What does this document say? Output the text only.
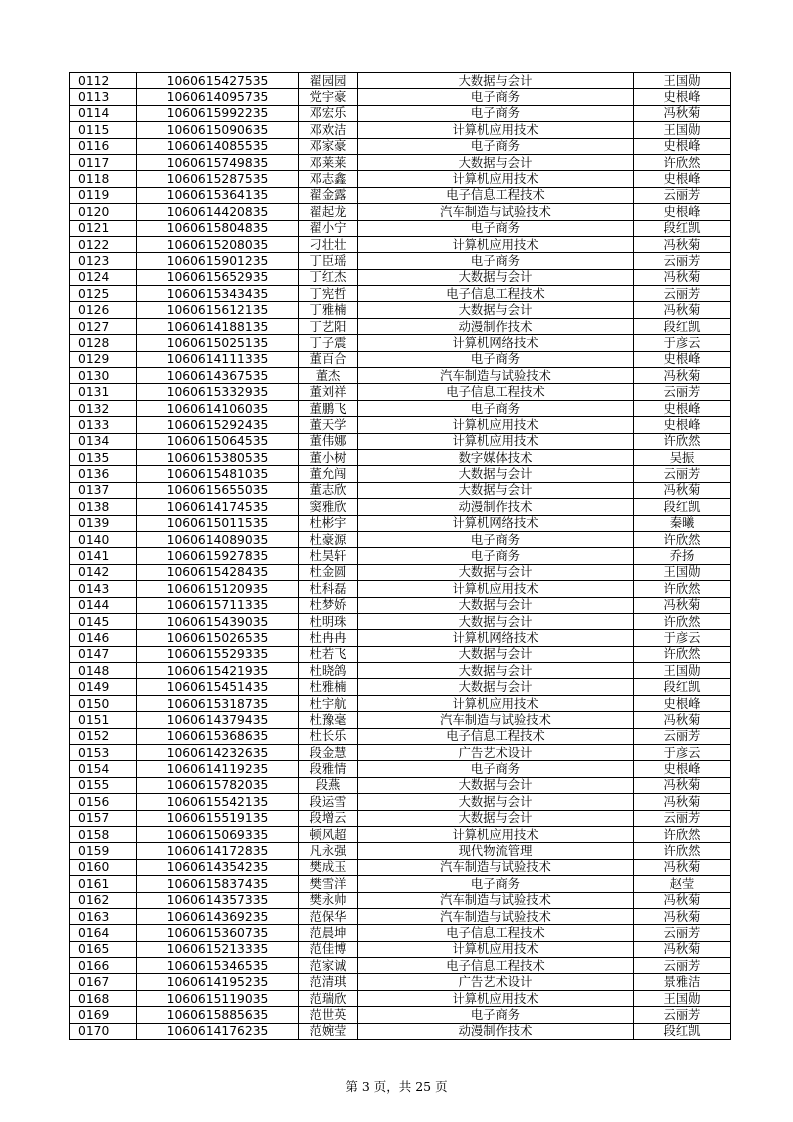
0112	1060615427535	翟园园	大数据与会计	王国勋
0113	1060614095735	党宇豪	电子商务	史根峰
0114	1060615992235	邓宏乐	电子商务	冯秋菊
0115	1060615090635	邓欢洁	计算机应用技术	王国勋
0116	1060614085535	邓家豪	电子商务	史根峰
0117	1060615749835	邓莱莱	大数据与会计	许欣然
0118	1060615287535	邓志鑫	计算机应用技术	史根峰
0119	1060615364135	翟金露	电子信息工程技术	云丽芳
0120	1060614420835	翟起龙	汽车制造与试验技术	史根峰
0121	1060615804835	翟小宁	电子商务	段红凯
0122	1060615208035	刁壮壮	计算机应用技术	冯秋菊
0123	1060615901235	丁臣瑶	电子商务	云丽芳
0124	1060615652935	丁红杰	大数据与会计	冯秋菊
0125	1060615343435	丁宪哲	电子信息工程技术	云丽芳
0126	1060615612135	丁雅楠	大数据与会计	冯秋菊
0127	1060614188135	丁艺阳	动漫制作技术	段红凯
0128	1060615025135	丁子震	计算机网络技术	于彦云
0129	1060614111335	董百合	电子商务	史根峰
0130	1060614367535	董杰	汽车制造与试验技术	冯秋菊
0131	1060615332935	董刘祥	电子信息工程技术	云丽芳
0132	1060614106035	董鹏飞	电子商务	史根峰
0133	1060615292435	董天学	计算机应用技术	史根峰
0134	1060615064535	董伟娜	计算机应用技术	许欣然
0135	1060615380535	董小树	数字媒体技术	吴振
0136	1060615481035	董允闯	大数据与会计	云丽芳
0137	1060615655035	董志欣	大数据与会计	冯秋菊
0138	1060614174535	窦雅欣	动漫制作技术	段红凯
0139	1060615011535	杜彬宇	计算机网络技术	秦曦
0140	1060614089035	杜豪源	电子商务	许欣然
0141	1060615927835	杜昊轩	电子商务	乔扬
0142	1060615428435	杜金圆	大数据与会计	王国勋
0143	1060615120935	杜科磊	计算机应用技术	许欣然
0144	1060615711335	杜梦娇	大数据与会计	冯秋菊
0145	1060615439035	杜明珠	大数据与会计	许欣然
0146	1060615026535	杜冉冉	计算机网络技术	于彦云
0147	1060615529335	杜若飞	大数据与会计	许欣然
0148	1060615421935	杜晓鸽	大数据与会计	王国勋
0149	1060615451435	杜雅楠	大数据与会计	段红凯
0150	1060615318735	杜宇航	计算机应用技术	史根峰
0151	1060614379435	杜豫毫	汽车制造与试验技术	冯秋菊
0152	1060615368635	杜长乐	电子信息工程技术	云丽芳
0153	1060614232635	段金慧	广告艺术设计	于彦云
0154	1060614119235	段雅情	电子商务	史根峰
0155	1060615782035	段燕	大数据与会计	冯秋菊
0156	1060615542135	段运雪	大数据与会计	冯秋菊
0157	1060615519135	段增云	大数据与会计	云丽芳
0158	1060615069335	顿风超	计算机应用技术	许欣然
0159	1060614172835	凡永强	现代物流管理	许欣然
0160	1060614354235	樊成玉	汽车制造与试验技术	冯秋菊
0161	1060615837435	樊雪洋	电子商务	赵莹
0162	1060614357335	樊永帅	汽车制造与试验技术	冯秋菊
0163	1060614369235	范保华	汽车制造与试验技术	冯秋菊
0164	1060615360735	范晨坤	电子信息工程技术	云丽芳
0165	1060615213335	范佳博	计算机应用技术	冯秋菊
0166	1060615346535	范家诚	电子信息工程技术	云丽芳
0167	1060614195235	范清琪	广告艺术设计	景雅洁
0168	1060615119035	范瑞欣	计算机应用技术	王国勋
0169	1060615885635	范世英	电子商务	云丽芳
0170	1060614176235	范婉莹	动漫制作技术	段红凯
第 3 页，共 25 页
